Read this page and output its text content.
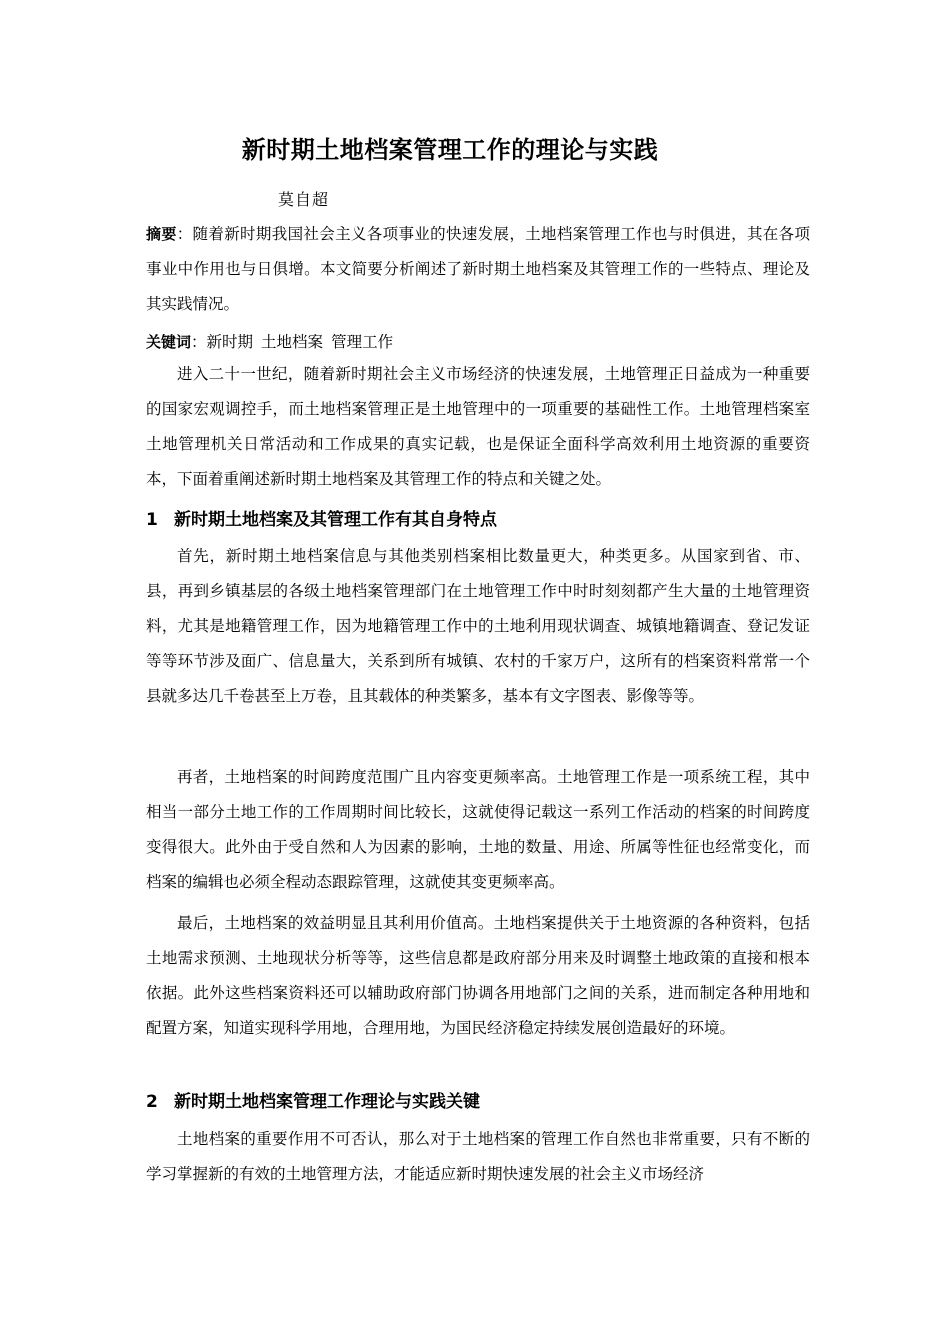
新时期土地档案管理工作的理论与实践
莫自超
摘要：随着新时期我国社会主义各项事业的快速发展，土地档案管理工作也与时俱进，其在各项事业中作用也与日俱增。本文简要分析阐述了新时期土地档案及其管理工作的一些特点、理论及其实践情况。
关键词：新时期 土地档案 管理工作
进入二十一世纪，随着新时期社会主义市场经济的快速发展，土地管理正日益成为一种重要的国家宏观调控手，而土地档案管理正是土地管理中的一项重要的基础性工作。土地管理档案室土地管理机关日常活动和工作成果的真实记载，也是保证全面科学高效利用土地资源的重要资本，下面着重阐述新时期土地档案及其管理工作的特点和关键之处。
1 新时期土地档案及其管理工作有其自身特点
首先，新时期土地档案信息与其他类别档案相比数量更大，种类更多。从国家到省、市、县，再到乡镇基层的各级土地档案管理部门在土地管理工作中时时刻刻都产生大量的土地管理资料，尤其是地籍管理工作，因为地籍管理工作中的土地利用现状调查、城镇地籍调查、登记发证等等环节涉及面广、信息量大，关系到所有城镇、农村的千家万户，这所有的档案资料常常一个县就多达几千卷甚至上万卷，且其载体的种类繁多，基本有文字图表、影像等等。
再者，土地档案的时间跨度范围广且内容变更频率高。土地管理工作是一项系统工程，其中相当一部分土地工作的工作周期时间比较长，这就使得记载这一系列工作活动的档案的时间跨度变得很大。此外由于受自然和人为因素的影响，土地的数量、用途、所属等性征也经常变化，而档案的编辑也必须全程动态跟踪管理，这就使其变更频率高。
最后，土地档案的效益明显且其利用价值高。土地档案提供关于土地资源的各种资料，包括土地需求预测、土地现状分析等等，这些信息都是政府部分用来及时调整土地政策的直接和根本依据。此外这些档案资料还可以辅助政府部门协调各用地部门之间的关系，进而制定各种用地和配置方案，知道实现科学用地，合理用地，为国民经济稳定持续发展创造最好的环境。
2 新时期土地档案管理工作理论与实践关键
土地档案的重要作用不可否认，那么对于土地档案的管理工作自然也非常重要，只有不断的学习掌握新的有效的土地管理方法，才能适应新时期快速发展的社会主义市场经济
